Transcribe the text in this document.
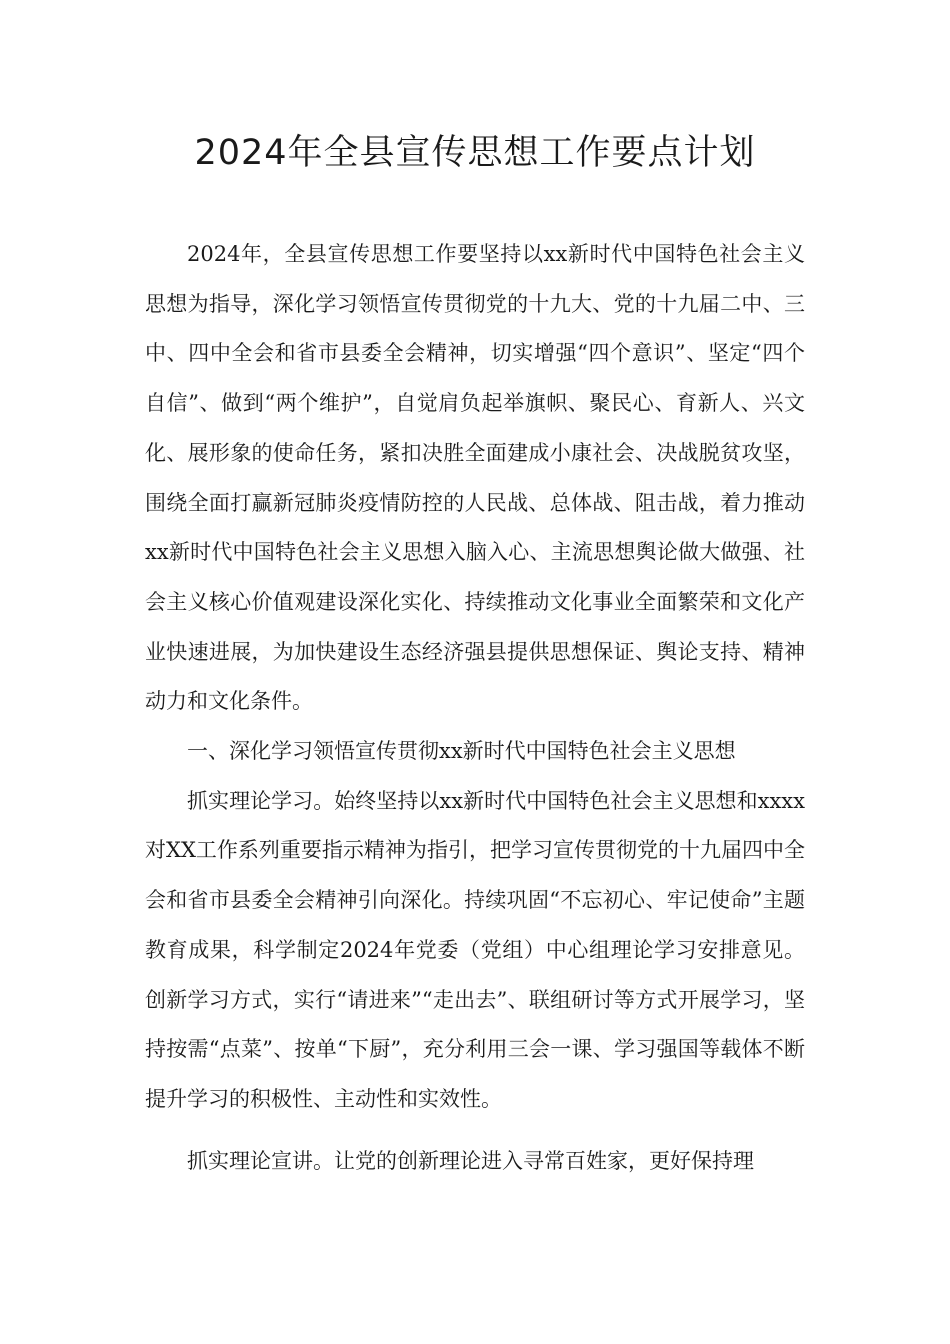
2024年全县宣传思想工作要点计划

2024年，全县宣传思想工作要坚持以xx新时代中国特色社会主义思想为指导，深化学习领悟宣传贯彻党的十九大、党的十九届二中、三中、四中全会和省市县委全会精神，切实增强“四个意识”、坚定“四个自信”、做到“两个维护”，自觉肩负起举旗帜、聚民心、育新人、兴文化、展形象的使命任务，紧扣决胜全面建成小康社会、决战脱贫攻坚，围绕全面打赢新冠肺炎疫情防控的人民战、总体战、阻击战，着力推动xx新时代中国特色社会主义思想入脑入心、主流思想舆论做大做强、社会主义核心价值观建设深化实化、持续推动文化事业全面繁荣和文化产业快速进展，为加快建设生态经济强县提供思想保证、舆论支持、精神动力和文化条件。

一、深化学习领悟宣传贯彻xx新时代中国特色社会主义思想

抓实理论学习。始终坚持以xx新时代中国特色社会主义思想和xxxx对XX工作系列重要指示精神为指引，把学习宣传贯彻党的十九届四中全会和省市县委全会精神引向深化。持续巩固“不忘初心、牢记使命”主题教育成果，科学制定2024年党委（党组）中心组理论学习安排意见。创新学习方式，实行“请进来”“走出去”、联组研讨等方式开展学习，坚持按需“点菜”、按单“下厨”，充分利用三会一课、学习强国等载体不断提升学习的积极性、主动性和实效性。

抓实理论宣讲。让党的创新理论进入寻常百姓家，更好保持理
